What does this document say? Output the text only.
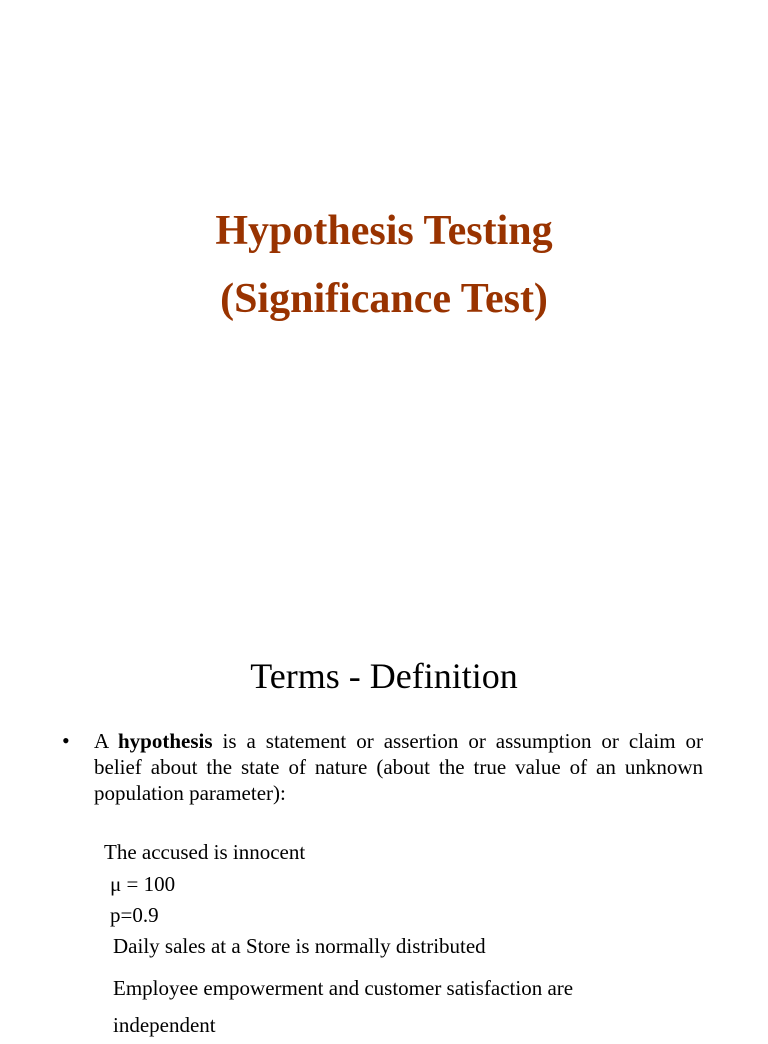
Hypothesis Testing
(Significance Test)
Terms - Definition
• A hypothesis is a statement or assertion or assumption or claim or belief about the state of nature (about the true value of an unknown population parameter):
The accused is innocent
μ = 100
p=0.9
Daily sales at a Store is normally distributed
Employee empowerment and customer satisfaction are independent
